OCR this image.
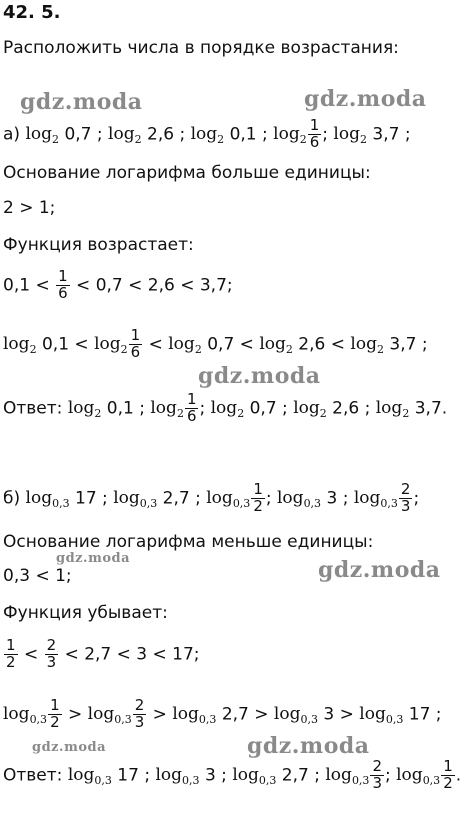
42. 5.
Расположить числа в порядке возрастания:
gdz.moda	gdz.moda
gdz.moda
gdz.moda	gdz.moda
gdz.moda	gdz.moda
а) $\log_2 0,7$ ; $\log_2 2,6$ ; $\log_2 0,1$ ; $\log_2 \frac{1}{6}$ ; $\log_2 3,7$ ;
Основание логарифма больше единицы:
2 > 1;
Функция возрастает:
$0,1 < \frac{1}{6} < 0,7 < 2,6 < 3,7$;
$\log_2 0,1 < \log_2 \frac{1}{6} < \log_2 0,7 < \log_2 2,6 < \log_2 3,7$ ;
Ответ: $\log_2 0,1$ ; $\log_2 \frac{1}{6}$ ; $\log_2 0,7$ ; $\log_2 2,6$ ; $\log_2 3,7$.
б) $\log_{0,3} 17$ ; $\log_{0,3} 2,7$ ; $\log_{0,3} \frac{1}{2}$ ; $\log_{0,3} 3$ ; $\log_{0,3} \frac{2}{3}$ ;
Основание логарифма меньше единицы:
0,3 < 1;
Функция убывает:
$\frac{1}{2} < \frac{2}{3} < 2,7 < 3 < 17$;
$\log_{0,3} \frac{1}{2} > \log_{0,3} \frac{2}{3} > \log_{0,3} 2,7 > \log_{0,3} 3 > \log_{0,3} 17$ ;
Ответ: $\log_{0,3} 17$ ; $\log_{0,3} 3$ ; $\log_{0,3} 2,7$ ; $\log_{0,3} \frac{2}{3}$ ; $\log_{0,3} \frac{1}{2}$ .
